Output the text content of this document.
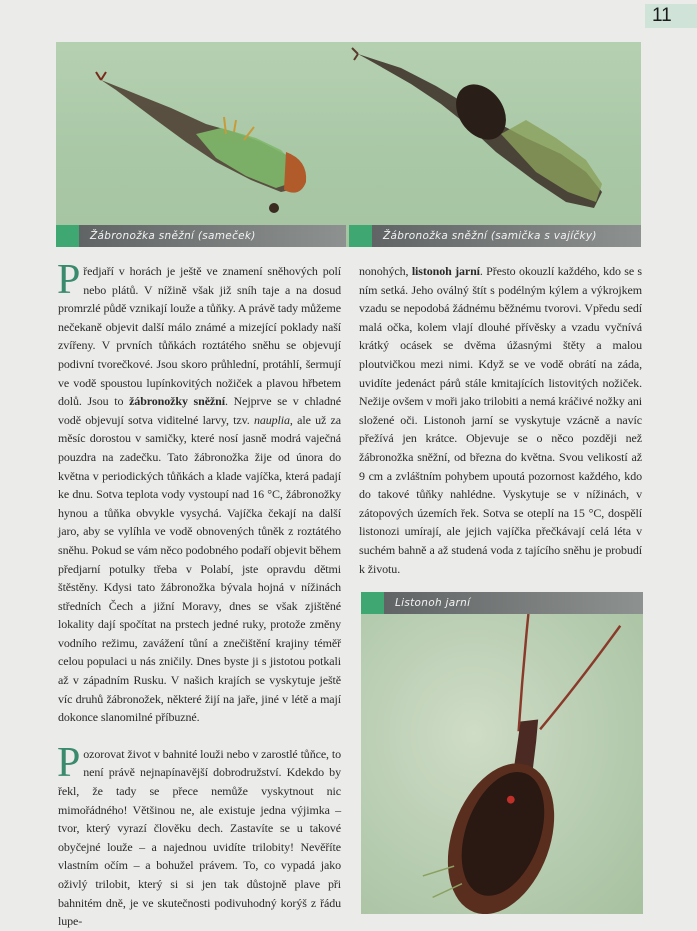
11
Žábronožka sněžní (sameček)	Žábronožka sněžní (samička s vajíčky)

Předjaří v horách je ještě ve znamení sněhových polí nebo plátů. V nížině však již sníh taje a na dosud promrzlé půdě vznikají louže a tůňky. A právě tady můžeme nečekaně objevit další málo známé a mizející poklady naší zvířeny. V prvních tůňkách roztátého sněhu se objevují podivní tvorečkové. Jsou skoro průhlední, protáhlí, šermují ve vodě spoustou lupínkovitých nožiček a plavou hřbetem dolů. Jsou to žábronožky sněžní. Nejprve se v chladné vodě objevují sotva viditelné larvy, tzv. nauplia, ale už za měsíc dorostou v samičky, které nosí jasně modrá vaječná pouzdra na zadečku. Tato žábronožka žije od února do května v periodických tůňkách a klade vajíčka, která padají ke dnu. Sotva teplota vody vystoupí nad 16 °C, žábronožky hynou a tůňka obvykle vysychá. Vajíčka čekají na další jaro, aby se vylíhla ve vodě obnovených tůněk z roztátého sněhu. Pokud se vám něco podobného podaří objevit během předjarní potulky třeba v Polabí, jste opravdu dětmi štěstěny. Kdysi tato žábronožka bývala hojná v nížinách středních Čech a jižní Moravy, dnes se však zjištěné lokality dají spočítat na prstech jedné ruky, protože změny vodního režimu, zavážení tůní a znečištění krajiny téměř celou populaci u nás zničily. Dnes byste ji s jistotou potkali až v západním Rusku. V našich krajích se vyskytuje ještě víc druhů žábronožek, některé žijí na jaře, jiné v létě a mají dokonce slanomilné příbuzné.

Pozorovat život v bahnité louži nebo v zarostlé tůňce, to není právě nejnapínavější dobrodružství. Kdekdo by řekl, že tady se přece nemůže vyskytnout nic mimořádného! Většinou ne, ale existuje jedna výjimka – tvor, který vyrazí člověku dech. Zastavíte se u takové obyčejné louže – a najednou uvidíte trilobity! Nevěříte vlastním očím – a bohužel právem. To, co vypadá jako oživlý trilobit, který si si jen tak důstojně plave při bahnitém dně, je ve skutečnosti podivuhodný korýš z řádu lupe-

nonohých, listonoh jarní. Přesto okouzlí každého, kdo se s ním setká. Jeho oválný štít s podélným kýlem a výkrojkem vzadu se nepodobá žádnému běžnému tvorovi. Vpředu sedí malá očka, kolem vlají dlouhé přívěsky a vzadu vyčnívá krátký ocásek se dvěma úžasnými štěty a malou ploutvičkou mezi nimi. Když se ve vodě obrátí na záda, uvidíte jedenáct párů stále kmitajících listovitých nožiček. Nežije ovšem v moři jako trilobiti a nemá kráčivé nožky ani složené oči. Listonoh jarní se vyskytuje vzácně a navíc přežívá jen krátce. Objevuje se o něco později než žábronožka sněžní, od března do května. Svou velikostí až 9 cm a zvláštním pohybem upoutá pozornost každého, kdo do takové tůňky nahlédne. Vyskytuje se v nížinách, v zátopových územích řek. Sotva se oteplí na 15 °C, dospělí listonozi umírají, ale jejich vajíčka přečkávají celá léta v suchém bahně a až studená voda z tajícího sněhu je probudí k životu.

Listonoh jarní
